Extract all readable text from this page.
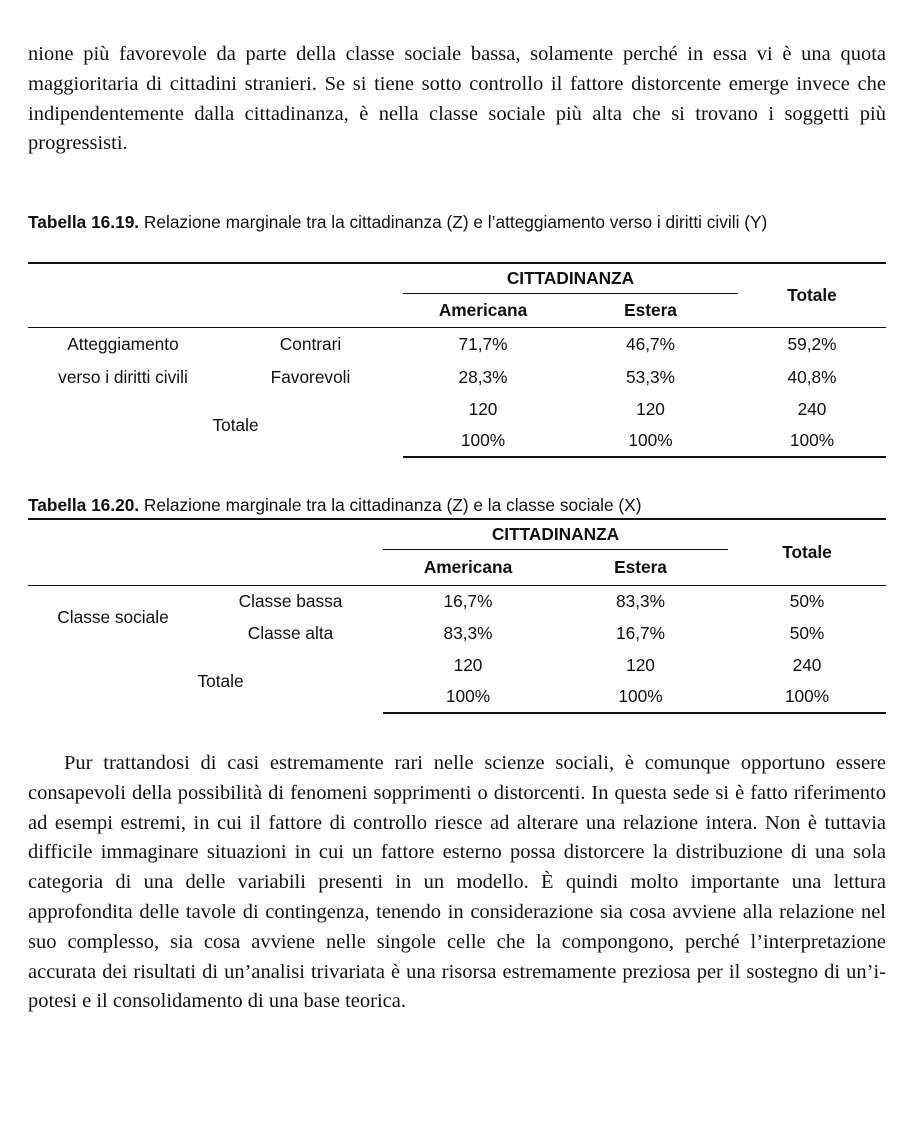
nione più favorevole da parte della classe sociale bassa, solamente perché in essa vi è una quota maggioritaria di cittadini stranieri. Se si tiene sotto controllo il fattore distorcente emerge invece che indipendentemente dalla cittadinanza, è nella classe sociale più alta che si trovano i soggetti più progressisti.

Tabella 16.19. Relazione marginale tra la cittadinanza (Z) e l’atteggiamento verso i diritti civili (Y)

		CITTADINANZA		Totale
		Americana	Estera	
Atteggiamento	Contrari	71,7%	46,7%	59,2%
verso i diritti civili	Favorevoli	28,3%	53,3%	40,8%
Totale		120	120	240
		100%	100%	100%

Tabella 16.20. Relazione marginale tra la cittadinanza (Z) e la classe sociale (X)

		CITTADINANZA		Totale
		Americana	Estera	
Classe sociale	Classe bassa	16,7%	83,3%	50%
	Classe alta	83,3%	16,7%	50%
Totale		120	120	240
		100%	100%	100%

Pur trattandosi di casi estremamente rari nelle scienze sociali, è comunque opportuno essere consapevoli della possibilità di fenomeni sopprimenti o distorcenti. In questa sede si è fatto riferimento ad esempi estremi, in cui il fattore di controllo riesce ad alterare una relazione intera. Non è tuttavia difficile immaginare situazioni in cui un fattore esterno possa distorcere la distribuzione di una sola categoria di una delle variabili presenti in un modello. È quindi molto importante una lettura approfondita delle tavole di contingenza, tenendo in considerazione sia cosa avviene alla relazione nel suo complesso, sia cosa avviene nelle singole celle che la compongono, perché l’interpretazione accurata dei risultati di un’analisi trivariata è una risorsa estremamente preziosa per il sostegno di un’ipotesi e il consolidamento di una base teorica.
